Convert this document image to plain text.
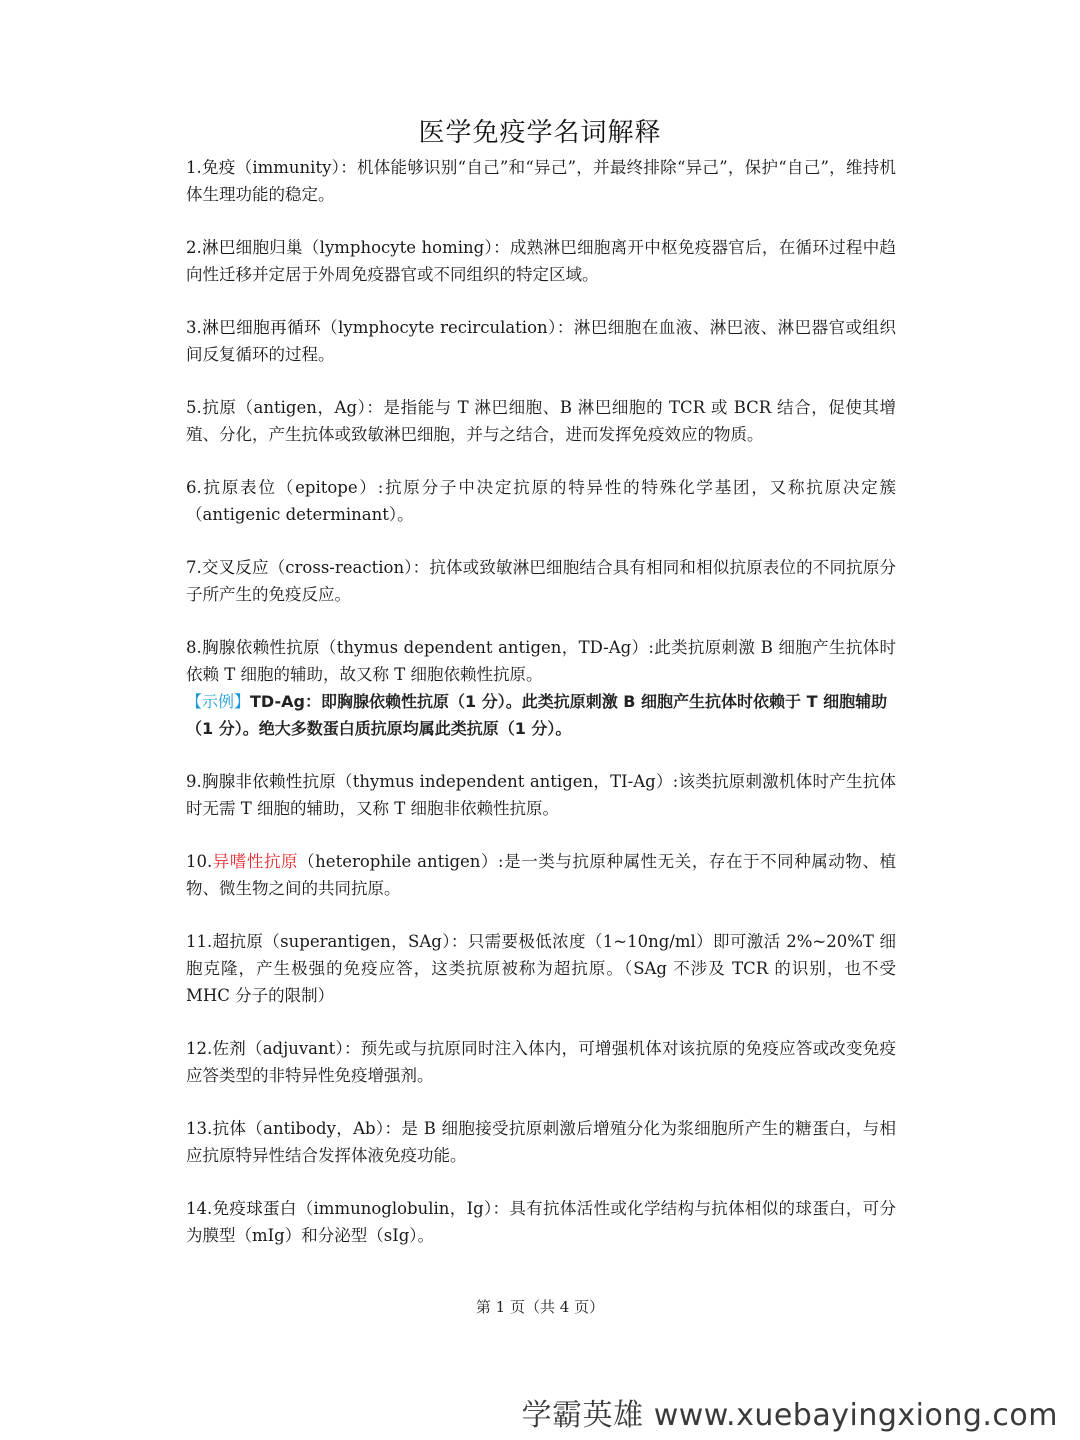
医学免疫学名词解释
1.免疫（immunity）：机体能够识别“自己”和“异己”，并最终排除“异己”，保护“自己”，维持机体生理功能的稳定。
2.淋巴细胞归巢（lymphocyte homing）：成熟淋巴细胞离开中枢免疫器官后，在循环过程中趋向性迁移并定居于外周免疫器官或不同组织的特定区域。
3.淋巴细胞再循环（lymphocyte recirculation）：淋巴细胞在血液、淋巴液、淋巴器官或组织间反复循环的过程。
5.抗原（antigen，Ag）：是指能与 T 淋巴细胞、B 淋巴细胞的 TCR 或 BCR 结合，促使其增殖、分化，产生抗体或致敏淋巴细胞，并与之结合，进而发挥免疫效应的物质。
6.抗原表位（epitope）:抗原分子中决定抗原的特异性的特殊化学基团，又称抗原决定簇（antigenic determinant）。
7.交叉反应（cross-reaction）：抗体或致敏淋巴细胞结合具有相同和相似抗原表位的不同抗原分子所产生的免疫反应。
8.胸腺依赖性抗原（thymus dependent antigen，TD-Ag）:此类抗原刺激 B 细胞产生抗体时依赖 T 细胞的辅助，故又称 T 细胞依赖性抗原。
【示例】TD-Ag：即胸腺依赖性抗原（1 分）。此类抗原刺激 B 细胞产生抗体时依赖于 T 细胞辅助（1 分）。绝大多数蛋白质抗原均属此类抗原（1 分）。
9.胸腺非依赖性抗原（thymus independent antigen，TI-Ag）:该类抗原刺激机体时产生抗体时无需 T 细胞的辅助，又称 T 细胞非依赖性抗原。
10.异嗜性抗原（heterophile antigen）:是一类与抗原种属性无关，存在于不同种属动物、植物、微生物之间的共同抗原。
11.超抗原（superantigen，SAg）：只需要极低浓度（1~10ng/ml）即可激活 2%~20%T 细胞克隆，产生极强的免疫应答，这类抗原被称为超抗原。（SAg 不涉及 TCR 的识别，也不受 MHC 分子的限制）
12.佐剂（adjuvant）：预先或与抗原同时注入体内，可增强机体对该抗原的免疫应答或改变免疫应答类型的非特异性免疫增强剂。
13.抗体（antibody，Ab）：是 B 细胞接受抗原刺激后增殖分化为浆细胞所产生的糖蛋白，与相应抗原特异性结合发挥体液免疫功能。
14.免疫球蛋白（immunoglobulin，Ig）：具有抗体活性或化学结构与抗体相似的球蛋白，可分为膜型（mIg）和分泌型（sIg）。
第 1 页（共 4 页）
学霸英雄 www.xuebayingxiong.com
